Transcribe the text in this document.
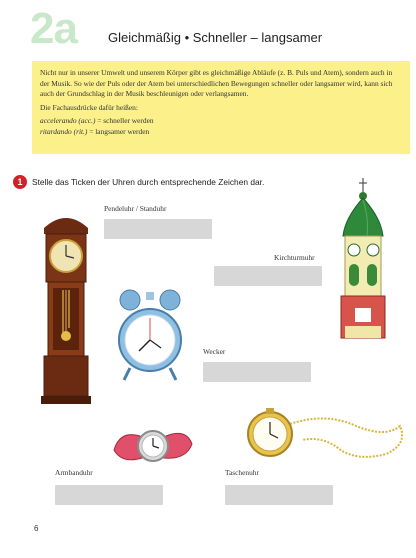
2a Gleichmäßig • Schneller – langsamer

Nicht nur in unserer Umwelt und unserem Körper gibt es gleichmäßige Abläufe (z. B. Puls und Atem), sondern auch in der Musik. So wie der Puls oder der Atem bei unterschiedlichen Bewegungen schneller oder langsamer wird, kann sich auch der Grundschlag in der Musik beschleunigen oder verlangsamen.

Die Fachausdrücke dafür heißen:

accelerando (acc.) = schneller werden
ritardando (rit.) = langsamer werden
1	Stelle das Ticken der Uhren durch entsprechende Zeichen dar.
Pendeluhr / Standuhr
Kirchturmuhr
Wecker
Armbanduhr	Taschenuhr
6
